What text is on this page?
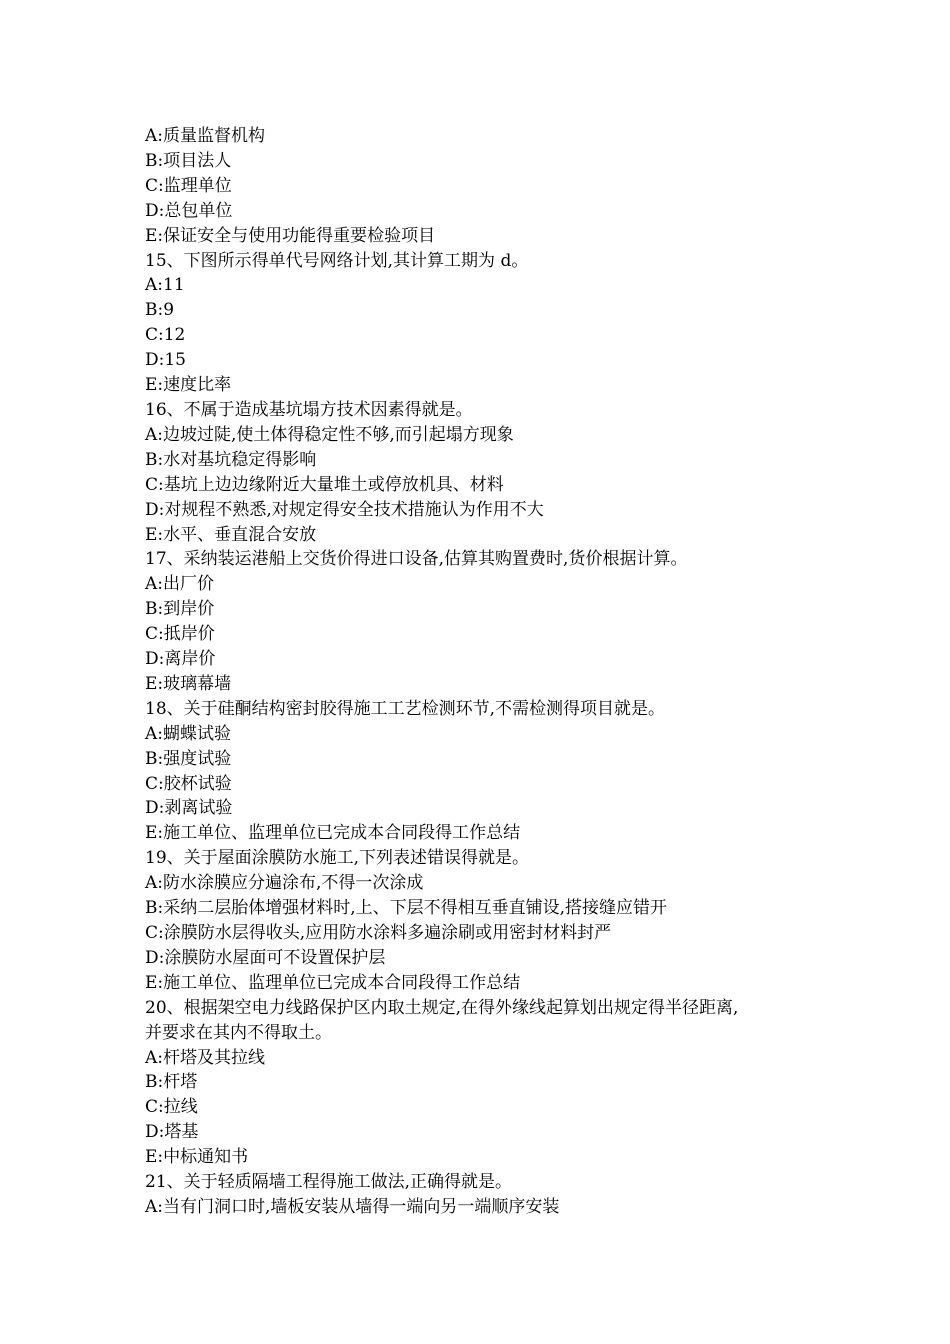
A:质量监督机构

B:项目法人

C:监理单位

D:总包单位

E:保证安全与使用功能得重要检验项目

15、下图所示得单代号网络计划,其计算工期为 d。

A:11

B:9

C:12

D:15

E:速度比率

16、不属于造成基坑塌方技术因素得就是。

A:边坡过陡,使土体得稳定性不够,而引起塌方现象

B:水对基坑稳定得影响

C:基坑上边边缘附近大量堆土或停放机具、材料

D:对规程不熟悉,对规定得安全技术措施认为作用不大

E:水平、垂直混合安放

17、采纳装运港船上交货价得进口设备,估算其购置费时,货价根据计算。

A:出厂价

B:到岸价

C:抵岸价

D:离岸价

E:玻璃幕墙

18、关于硅酮结构密封胶得施工工艺检测环节,不需检测得项目就是。

A:蝴蝶试验

B:强度试验

C:胶杯试验

D:剥离试验

E:施工单位、监理单位已完成本合同段得工作总结

19、关于屋面涂膜防水施工,下列表述错误得就是。

A:防水涂膜应分遍涂布,不得一次涂成

B:采纳二层胎体增强材料时,上、下层不得相互垂直铺设,搭接缝应错开

C:涂膜防水层得收头,应用防水涂料多遍涂刷或用密封材料封严

D:涂膜防水屋面可不设置保护层

E:施工单位、监理单位已完成本合同段得工作总结

20、根据架空电力线路保护区内取土规定,在得外缘线起算划出规定得半径距离,

并要求在其内不得取土。

A:杆塔及其拉线

B:杆塔

C:拉线

D:塔基

E:中标通知书

21、关于轻质隔墙工程得施工做法,正确得就是。

A:当有门洞口时,墙板安装从墙得一端向另一端顺序安装
